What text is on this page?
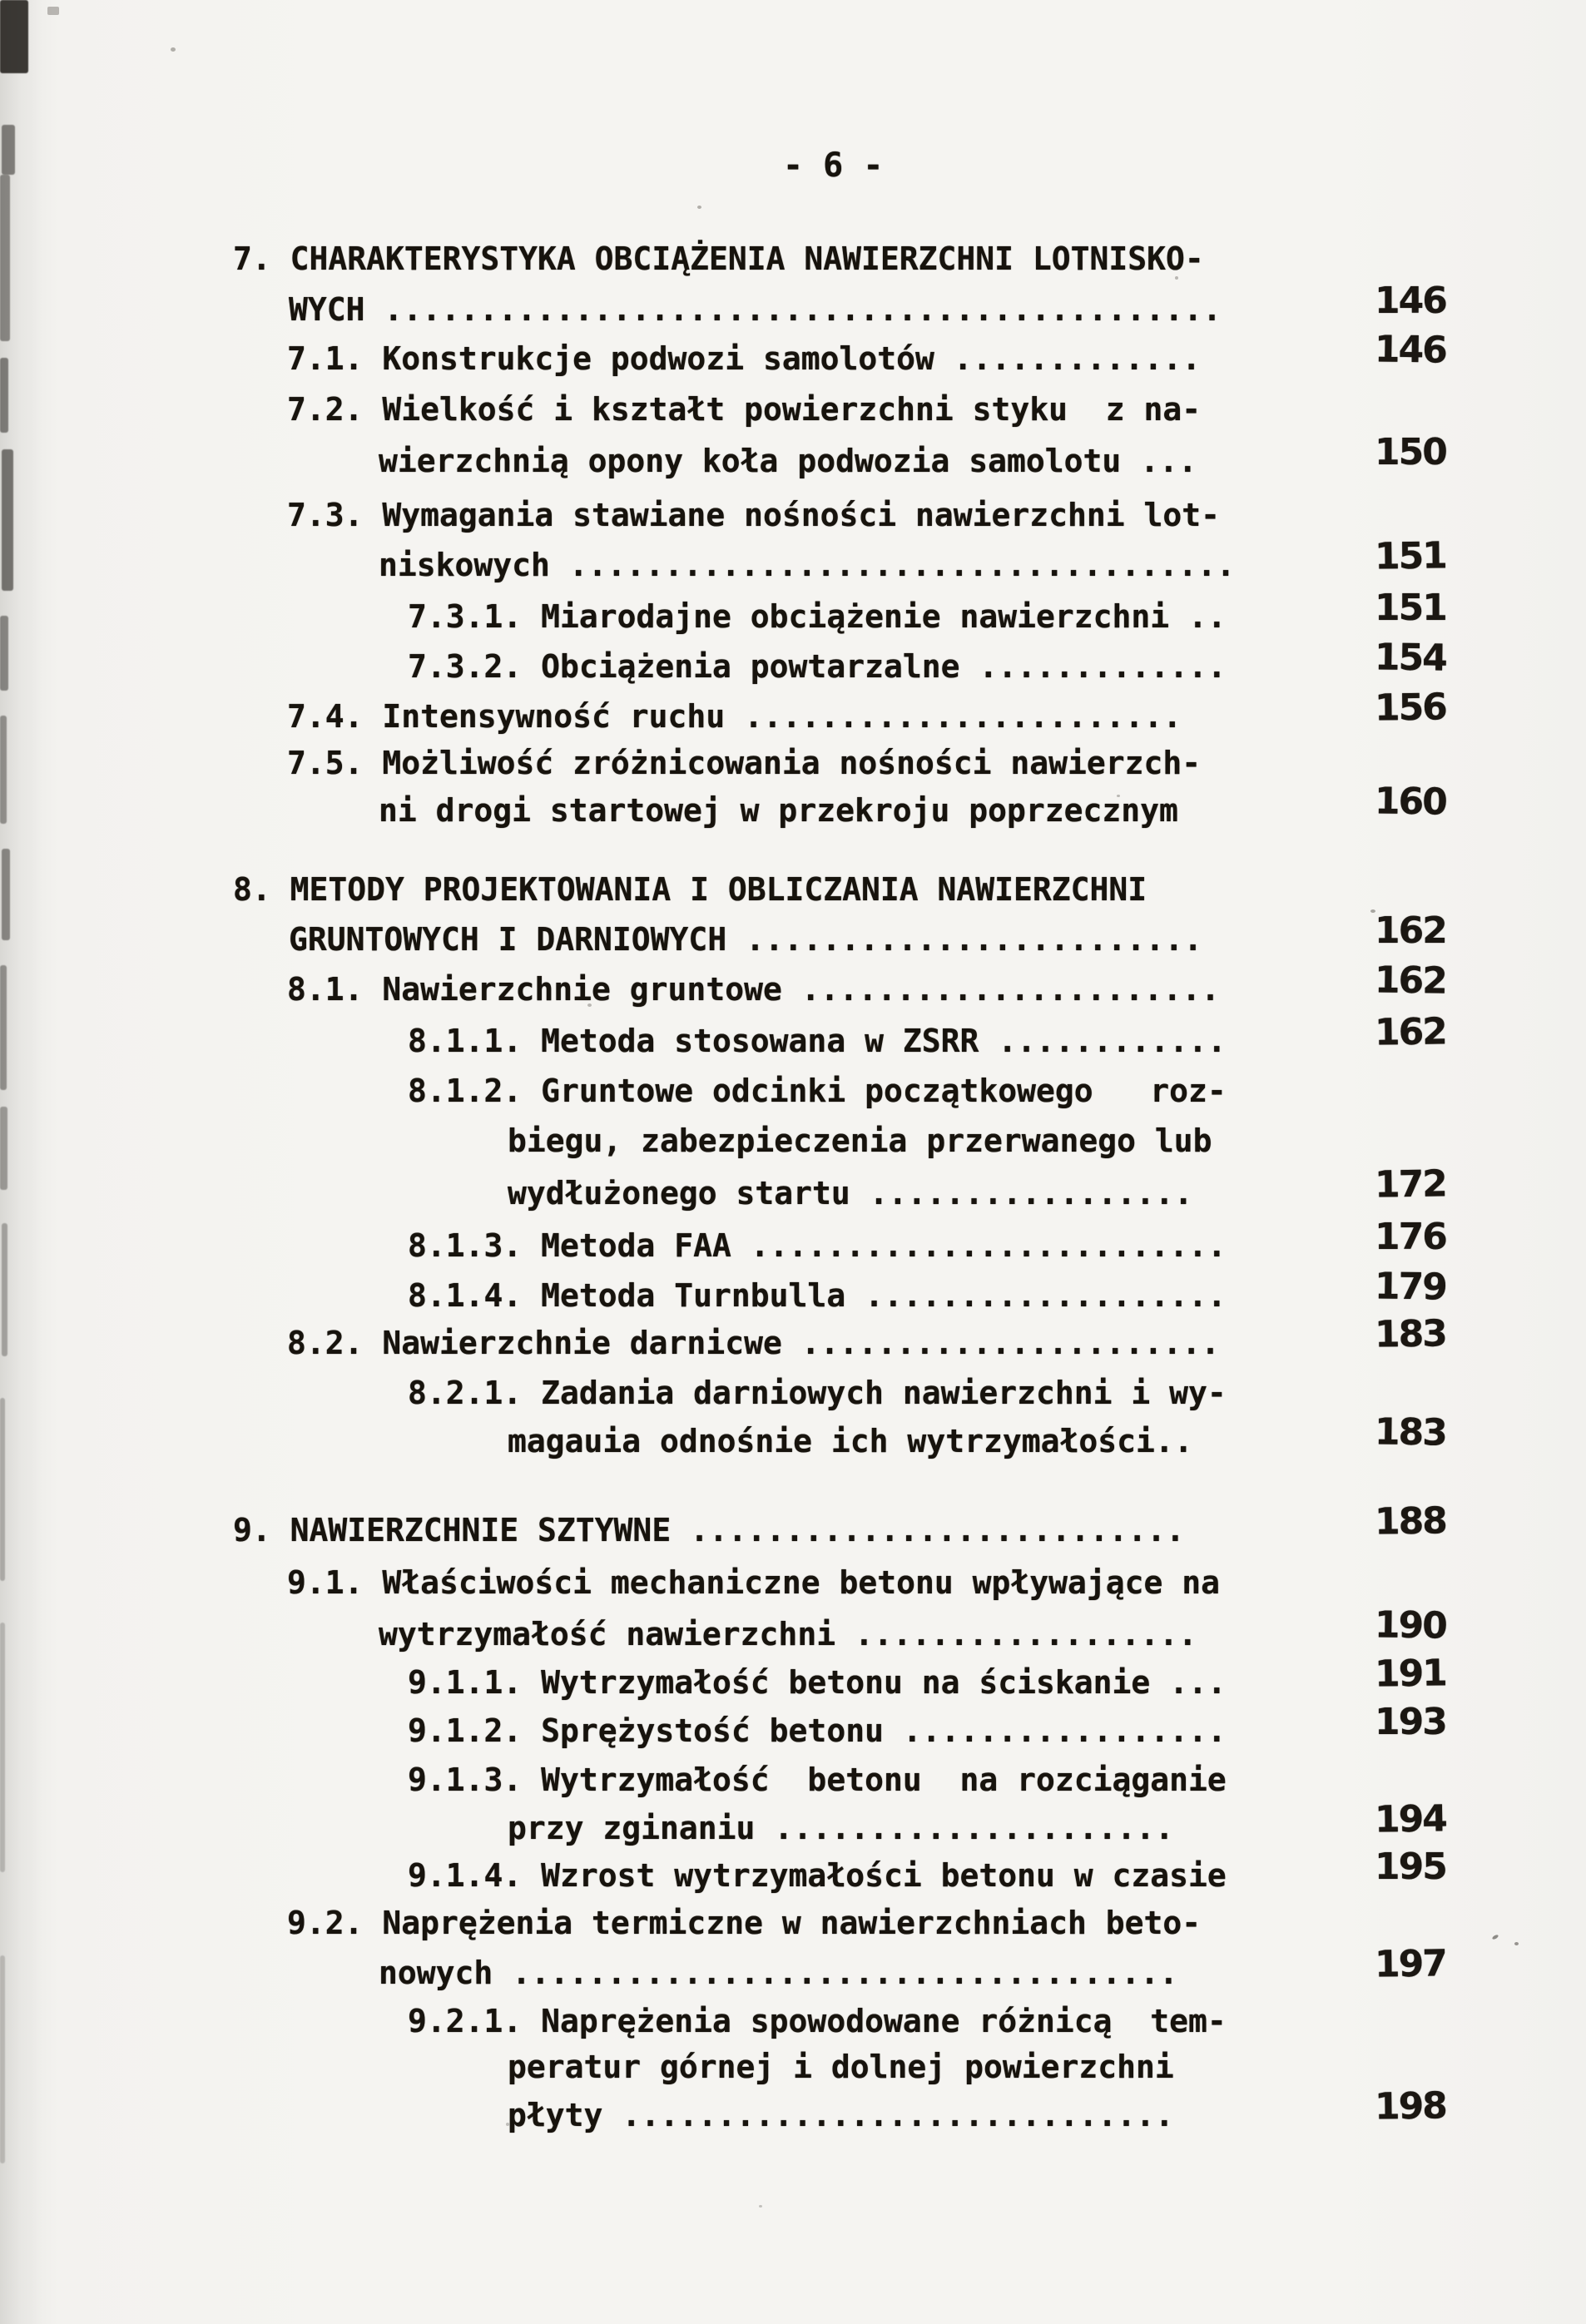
- 6 -
7. CHARAKTERYSTYKA OBCIĄŻENIA NAWIERZCHNI LOTNISKO-
WYCH ............................................	146
7.1. Konstrukcje podwozi samolotów .............	146
7.2. Wielkość i kształt powierzchni styku  z na-
wierzchnią opony koła podwozia samolotu ...	150
7.3. Wymagania stawiane nośności nawierzchni lot-
niskowych ...................................	151
7.3.1. Miarodajne obciążenie nawierzchni ..	151
7.3.2. Obciążenia powtarzalne .............	154
7.4. Intensywność ruchu .......................	156
7.5. Możliwość zróżnicowania nośności nawierzch-
ni drogi startowej w przekroju poprzecznym	160
8. METODY PROJEKTOWANIA I OBLICZANIA NAWIERZCHNI
GRUNTOWYCH I DARNIOWYCH ........................	162
8.1. Nawierzchnie gruntowe ......................	162
8.1.1. Metoda stosowana w ZSRR ............	162
8.1.2. Gruntowe odcinki początkowego   roz-
biegu, zabezpieczenia przerwanego lub
wydłużonego startu .................	172
8.1.3. Metoda FAA .........................	176
8.1.4. Metoda Turnbulla ...................	179
8.2. Nawierzchnie darnicwe ......................	183
8.2.1. Zadania darniowych nawierzchni i wy-
magauia odnośnie ich wytrzymałości..	183
9. NAWIERZCHNIE SZTYWNE ..........................	188
9.1. Właściwości mechaniczne betonu wpływające na
wytrzymałość nawierzchni ..................	190
9.1.1. Wytrzymałość betonu na ściskanie ...	191
9.1.2. Sprężystość betonu .................	193
9.1.3. Wytrzymałość  betonu  na rozciąganie
przy zginaniu .....................	194
9.1.4. Wzrost wytrzymałości betonu w czasie	195
9.2. Naprężenia termiczne w nawierzchniach beto-
nowych ...................................	197
9.2.1. Naprężenia spowodowane różnicą  tem-
peratur górnej i dolnej powierzchni
płyty .............................	198
